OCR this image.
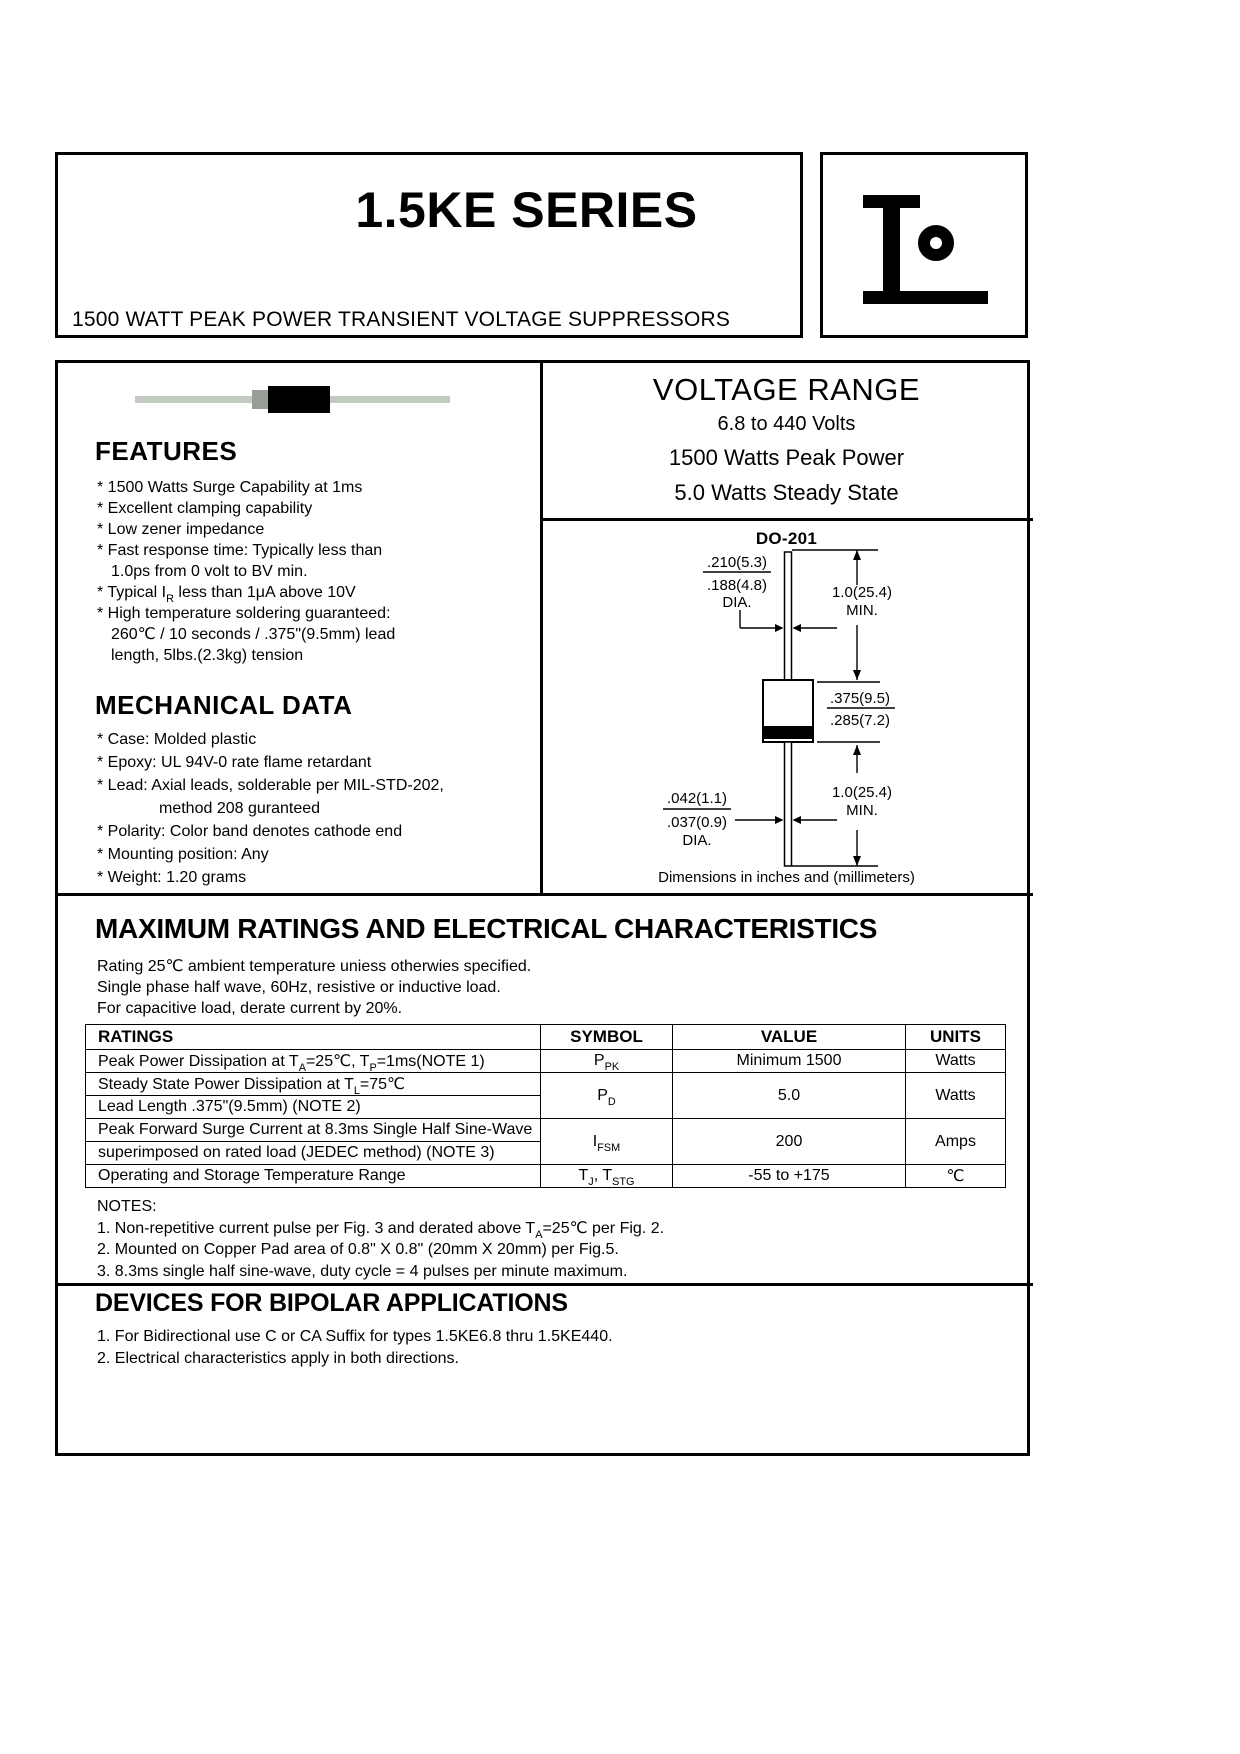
1.5KE SERIES
1500 WATT PEAK POWER TRANSIENT VOLTAGE SUPPRESSORS
FEATURES
* 1500 Watts Surge Capability at 1ms
* Excellent clamping capability
* Low zener impedance
* Fast response time: Typically less than
1.0ps from 0 volt to BV min.
* Typical $I_R$ less than 1μA above 10V
* High temperature soldering guaranteed:
260℃ / 10 seconds / .375"(9.5mm) lead
length, 5lbs.(2.3kg) tension
MECHANICAL DATA
* Case: Molded plastic
* Epoxy: UL 94V-0 rate flame retardant
* Lead: Axial leads, solderable per MIL-STD-202,
method 208 guranteed
* Polarity: Color band denotes cathode end
* Mounting position: Any
* Weight: 1.20 grams
VOLTAGE RANGE
6.8 to 440 Volts
1500 Watts Peak Power
5.0 Watts Steady State
DO-201
.210(5.3)
.188(4.8)
DIA.
1.0(25.4)
MIN.
.375(9.5)
.285(7.2)
1.0(25.4)
MIN.
.042(1.1)
.037(0.9)
DIA.
Dimensions in inches and (millimeters)
MAXIMUM RATINGS AND ELECTRICAL CHARACTERISTICS
Rating 25℃ ambient temperature uniess otherwies specified.
Single phase half wave, 60Hz, resistive or inductive load.
For capacitive load, derate current by 20%.
RATINGS	SYMBOL	VALUE	UNITS
Peak Power Dissipation at $T_A=25℃$, $T_P=1ms(NOTE$ 1)	$P_{PK}$	Minimum 1500	Watts
Steady State Power Dissipation at $T_L=75℃$	$P_D$	5.0	Watts
Lead Length .375"(9.5mm) (NOTE 2)			
Peak Forward Surge Current at 8.3ms Single Half Sine-Wave	$I_{FSM}$	200	Amps
superimposed on rated load (JEDEC method) (NOTE 3)			
Operating and Storage Temperature Range	$T_J$, $T_{STG}$	-55 to +175	℃
NOTES:
1. Non-repetitive current pulse per Fig. 3 and derated above $T_A=25℃$ per Fig. 2.
2. Mounted on Copper Pad area of 0.8" X 0.8" (20mm X 20mm) per Fig.5.
3. 8.3ms single half sine-wave, duty cycle = 4 pulses per minute maximum.
DEVICES FOR BIPOLAR APPLICATIONS
1. For Bidirectional use C or CA Suffix for types 1.5KE6.8 thru 1.5KE440.
2. Electrical characteristics apply in both directions.
